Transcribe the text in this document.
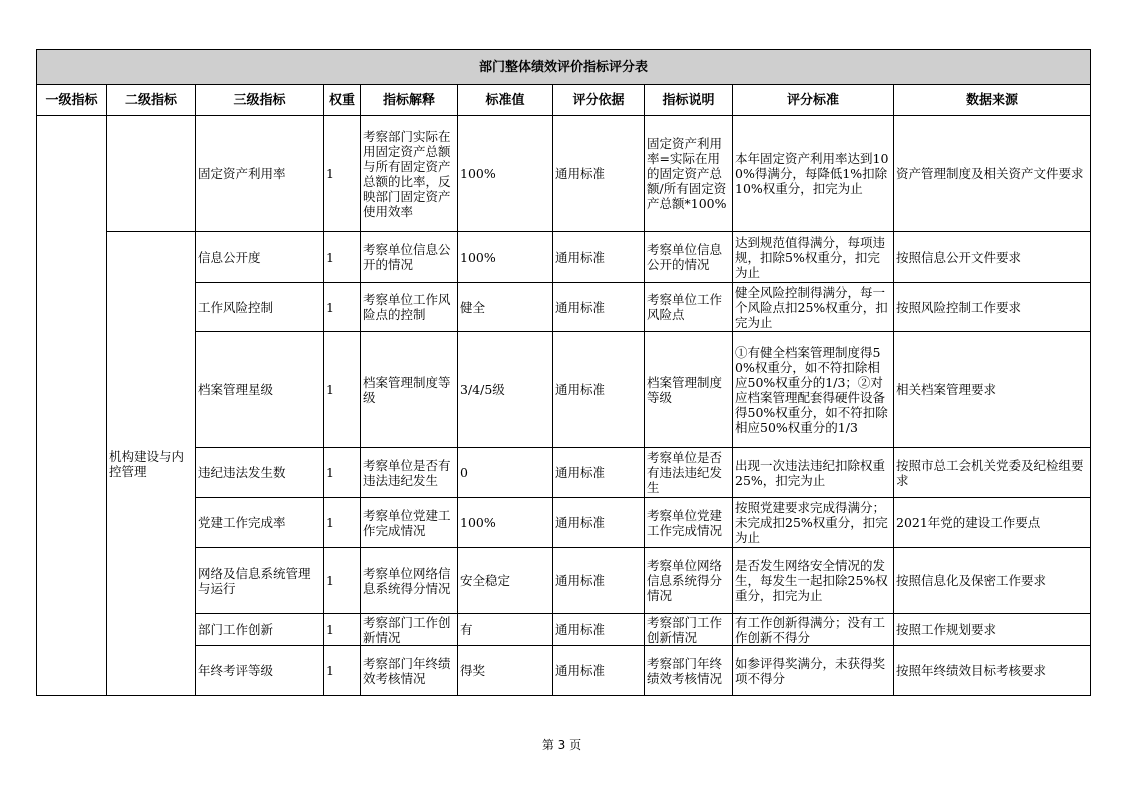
部门整体绩效评价指标评分表									
一级指标	二级指标	三级指标	权重	指标解释	标准值	评分依据	指标说明	评分标准	数据来源
		固定资产利用率	1	考察部门实际在用固定资产总额与所有固定资产总额的比率，反映部门固定资产使用效率	100%	通用标准	固定资产利用率=实际在用的固定资产总额/所有固定资产总额*100%	本年固定资产利用率达到100%得满分，每降低1%扣除10%权重分，扣完为止	资产管理制度及相关资产文件要求
	机构建设与内控管理	信息公开度	1	考察单位信息公开的情况	100%	通用标准	考察单位信息公开的情况	达到规范值得满分，每项违规，扣除5%权重分，扣完为止	按照信息公开文件要求
		工作风险控制	1	考察单位工作风险点的控制	健全	通用标准	考察单位工作风险点	健全风险控制得满分，每一个风险点扣25%权重分，扣完为止	按照风险控制工作要求
		档案管理星级	1	档案管理制度等级	3/4/5级	通用标准	档案管理制度等级	①有健全档案管理制度得50%权重分，如不符扣除相应50%权重分的1/3；②对应档案管理配套得硬件设备得50%权重分，如不符扣除相应50%权重分的1/3	相关档案管理要求
		违纪违法发生数	1	考察单位是否有违法违纪发生	0	通用标准	考察单位是否有违法违纪发生	出现一次违法违纪扣除权重25%，扣完为止	按照市总工会机关党委及纪检组要求
		党建工作完成率	1	考察单位党建工作完成情况	100%	通用标准	考察单位党建工作完成情况	按照党建要求完成得满分；未完成扣25%权重分，扣完为止	2021年党的建设工作要点
		网络及信息系统管理与运行	1	考察单位网络信息系统得分情况	安全稳定	通用标准	考察单位网络信息系统得分情况	是否发生网络安全情况的发生，每发生一起扣除25%权重分，扣完为止	按照信息化及保密工作要求
		部门工作创新	1	考察部门工作创新情况	有	通用标准	考察部门工作创新情况	有工作创新得满分；没有工作创新不得分	按照工作规划要求
		年终考评等级	1	考察部门年终绩效考核情况	得奖	通用标准	考察部门年终绩效考核情况	如参评得奖满分，未获得奖项不得分	按照年终绩效目标考核要求
第 3 页
